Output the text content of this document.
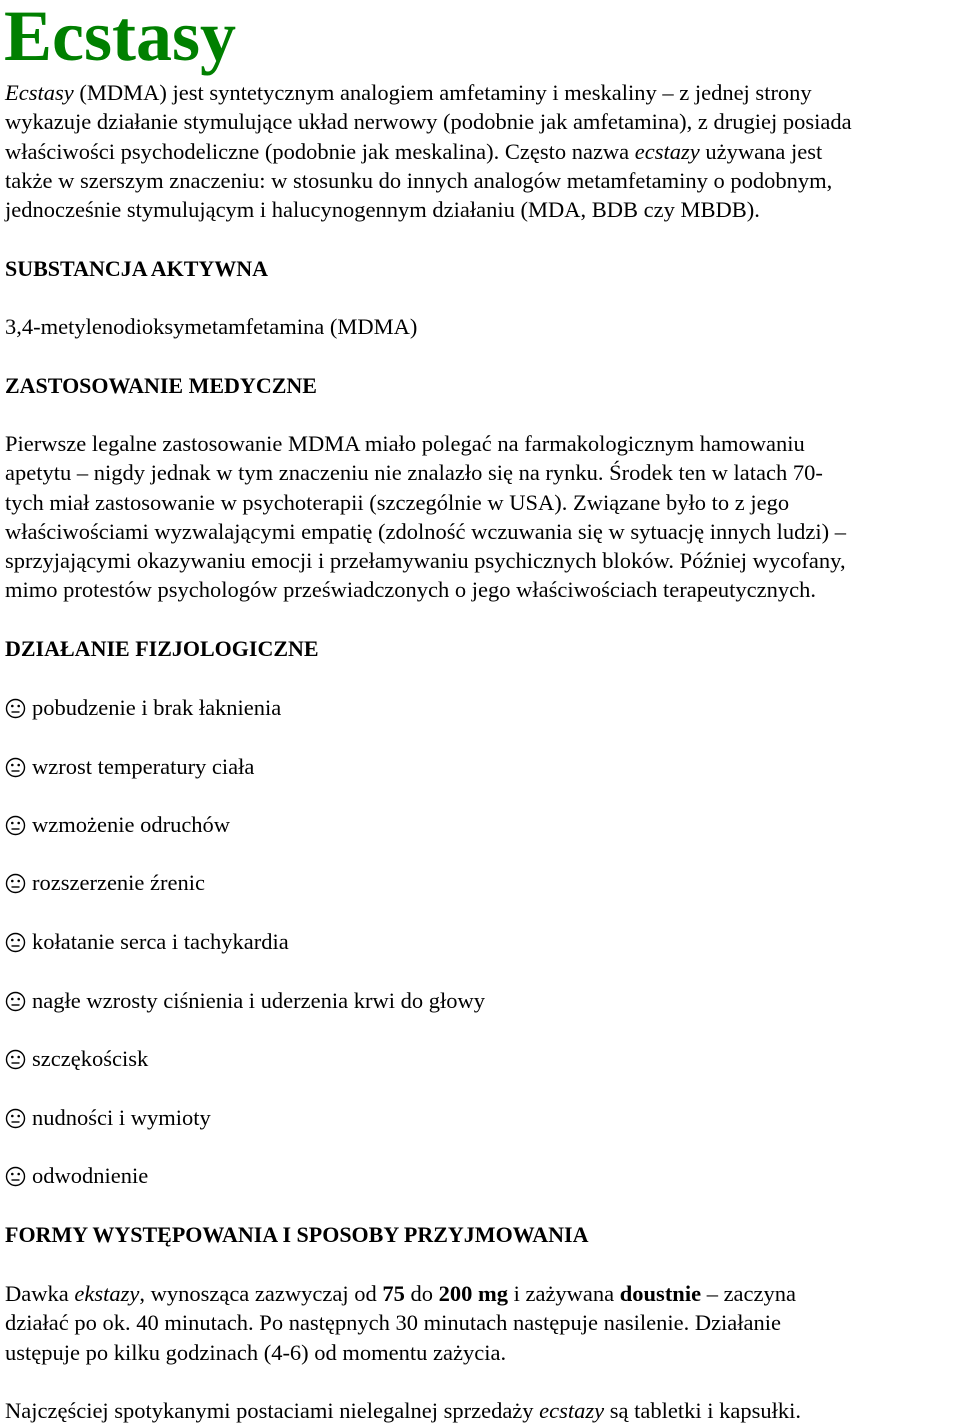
Ecstasy

Ecstasy (MDMA) jest syntetycznym analogiem amfetaminy i meskaliny – z jednej strony
wykazuje działanie stymulujące układ nerwowy (podobnie jak amfetamina), z drugiej posiada
właściwości psychodeliczne (podobnie jak meskalina). Często nazwa ecstazy używana jest
także w szerszym znaczeniu: w stosunku do innych analogów metamfetaminy o podobnym,
jednocześnie stymulującym i halucynogennym działaniu (MDA, BDB czy MBDB).

SUBSTANCJA AKTYWNA

3,4-metylenodioksymetamfetamina (MDMA)

ZASTOSOWANIE MEDYCZNE

Pierwsze legalne zastosowanie MDMA miało polegać na farmakologicznym hamowaniu
apetytu – nigdy jednak w tym znaczeniu nie znalazło się na rynku. Środek ten w latach 70-
tych miał zastosowanie w psychoterapii (szczególnie w USA). Związane było to z jego
właściwościami wyzwalającymi empatię (zdolność wczuwania się w sytuację innych ludzi) –
sprzyjającymi okazywaniu emocji i przełamywaniu psychicznych bloków. Później wycofany,
mimo protestów psychologów przeświadczonych o jego właściwościach terapeutycznych.

DZIAŁANIE FIZJOLOGICZNE
pobudzenie i brak łaknienia
wzrost temperatury ciała
wzmożenie odruchów
rozszerzenie źrenic
kołatanie serca i tachykardia
nagłe wzrosty ciśnienia i uderzenia krwi do głowy
szczękościsk
nudności i wymioty
odwodnienie
FORMY WYSTĘPOWANIA I SPOSOBY PRZYJMOWANIA

Dawka ekstazy, wynosząca zazwyczaj od 75 do 200 mg i zażywana doustnie – zaczyna
działać po ok. 40 minutach. Po następnych 30 minutach następuje nasilenie. Działanie
ustępuje po kilku godzinach (4-6) od momentu zażycia.

Najczęściej spotykanymi postaciami nielegalnej sprzedaży ecstazy są tabletki i kapsułki.
